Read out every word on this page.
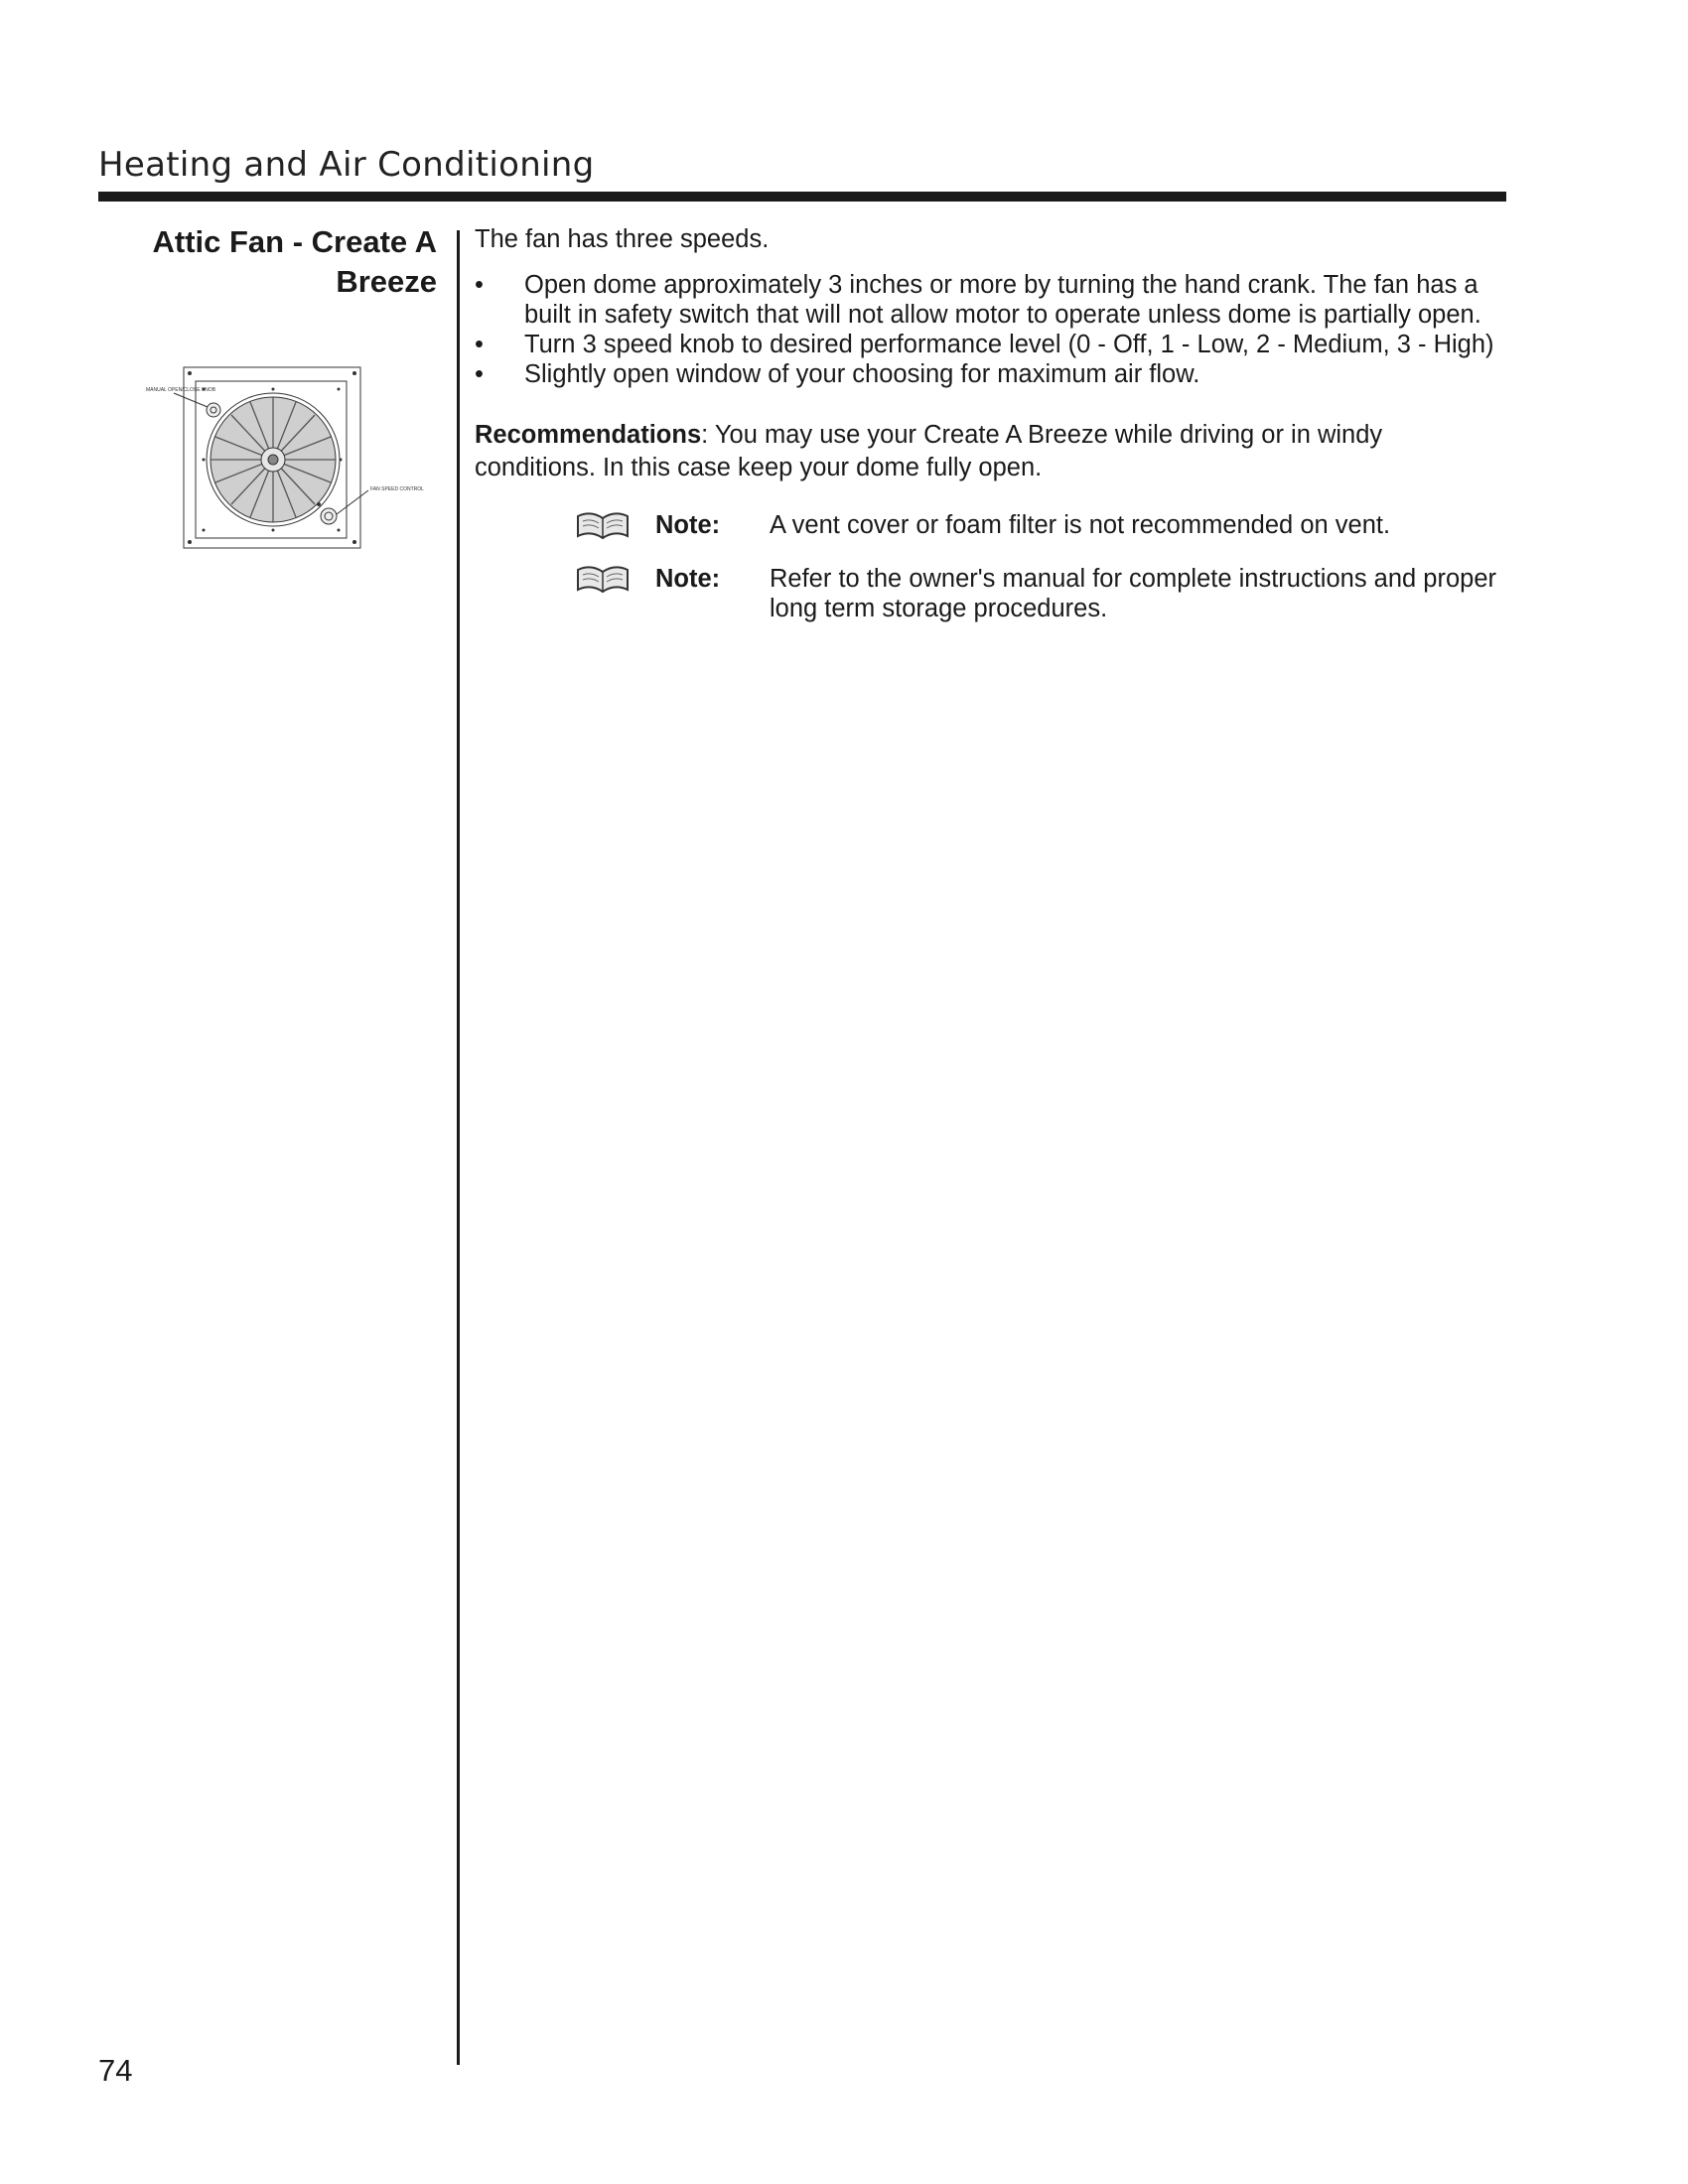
Heating and Air Conditioning
Attic Fan - Create A Breeze
MANUAL OPEN/CLOSE KNOB
FAN SPEED CONTROL

The fan has three speeds.

• Open dome approximately 3 inches or more by turning the hand crank. The fan has a built in safety switch that will not allow motor to operate unless dome is partially open.
• Turn 3 speed knob to desired performance level (0 - Off, 1 - Low, 2 - Medium, 3 - High)
• Slightly open window of your choosing for maximum air flow.

Recommendations: You may use your Create A Breeze while driving or in windy conditions. In this case keep your dome fully open.

Note: A vent cover or foam filter is not recommended on vent.
Note: Refer to the owner's manual for complete instructions and proper long term storage procedures.
74
